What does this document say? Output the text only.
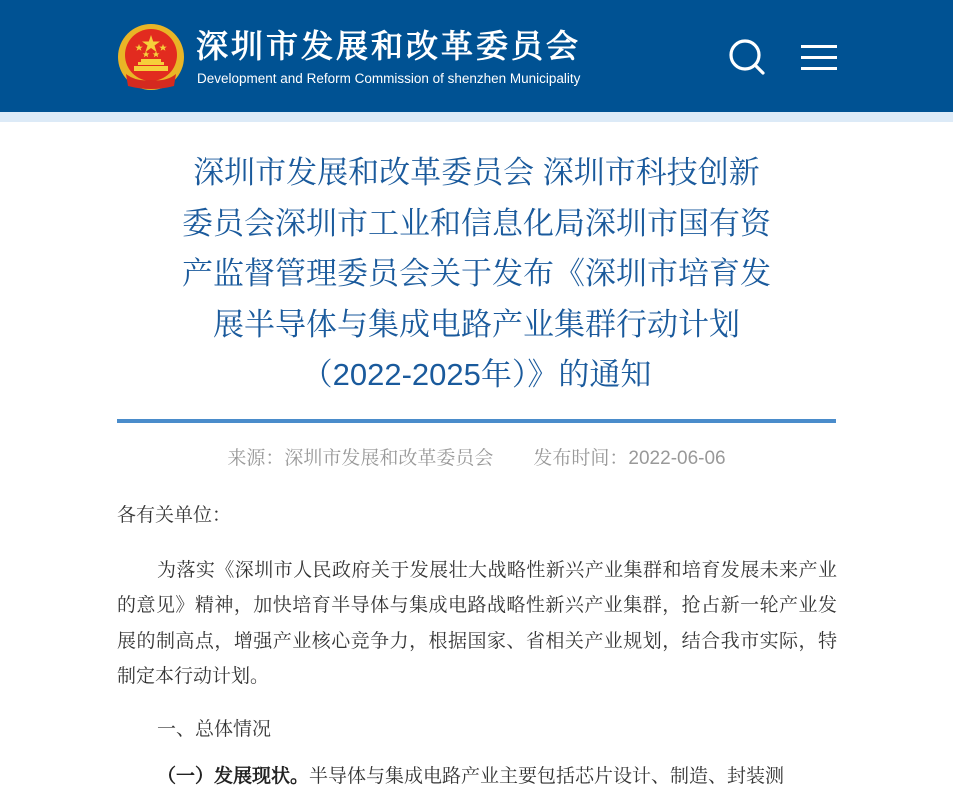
深圳市发展和改革委员会
Development and Reform Commission of shenzhen Municipality
深圳市发展和改革委员会 深圳市科技创新
委员会深圳市工业和信息化局深圳市国有资
产监督管理委员会关于发布《深圳市培育发
展半导体与集成电路产业集群行动计划
（2022-2025年）》的通知
来源：深圳市发展和改革委员会 发布时间：2022-06-06

各有关单位：

为落实《深圳市人民政府关于发展壮大战略性新兴产业集群和培育发展未来产业的意见》精神，加快培育半导体与集成电路战略性新兴产业集群，抢占新一轮产业发展的制高点，增强产业核心竞争力，根据国家、省相关产业规划，结合我市实际，特制定本行动计划。

一、总体情况

（一）发展现状。半导体与集成电路产业主要包括芯片设计、制造、封装测
